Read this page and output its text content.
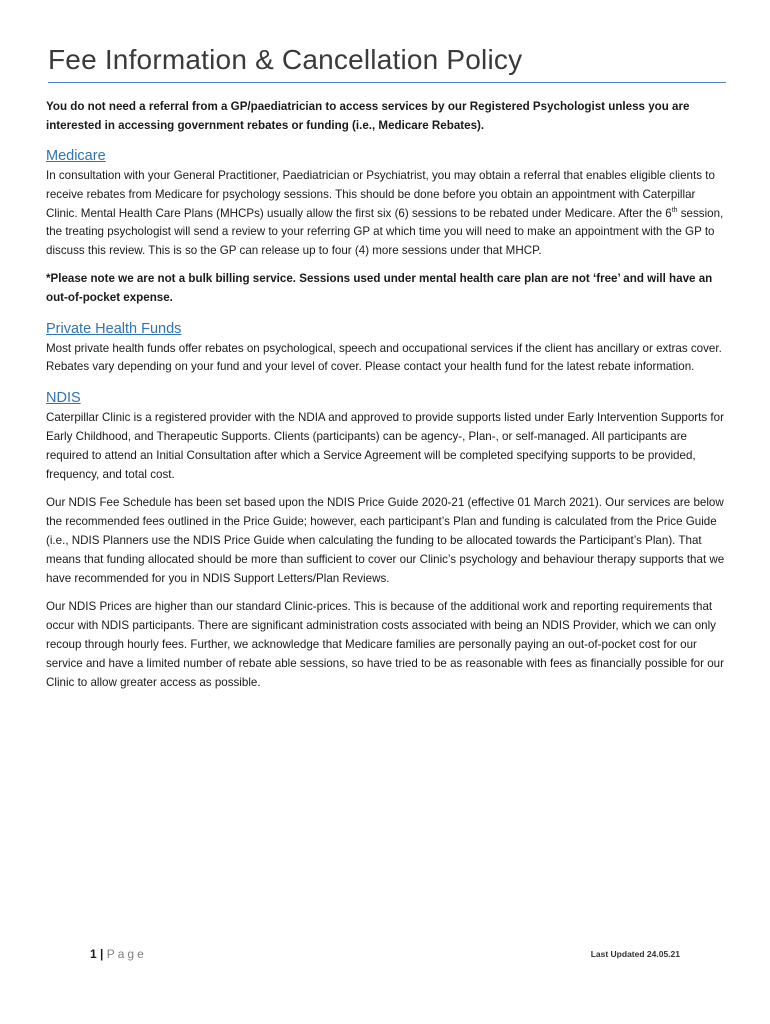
Fee Information & Cancellation Policy

You do not need a referral from a GP/paediatrician to access services by our Registered Psychologist unless you are interested in accessing government rebates or funding (i.e., Medicare Rebates).

Medicare

In consultation with your General Practitioner, Paediatrician or Psychiatrist, you may obtain a referral that enables eligible clients to receive rebates from Medicare for psychology sessions. This should be done before you obtain an appointment with Caterpillar Clinic. Mental Health Care Plans (MHCPs) usually allow the first six (6) sessions to be rebated under Medicare. After the 6th session, the treating psychologist will send a review to your referring GP at which time you will need to make an appointment with the GP to discuss this review. This is so the GP can release up to four (4) more sessions under that MHCP.

*Please note we are not a bulk billing service. Sessions used under mental health care plan are not ‘free’ and will have an out-of-pocket expense.

Private Health Funds

Most private health funds offer rebates on psychological, speech and occupational services if the client has ancillary or extras cover. Rebates vary depending on your fund and your level of cover. Please contact your health fund for the latest rebate information.

NDIS

Caterpillar Clinic is a registered provider with the NDIA and approved to provide supports listed under Early Intervention Supports for Early Childhood, and Therapeutic Supports. Clients (participants) can be agency-, Plan-, or self-managed. All participants are required to attend an Initial Consultation after which a Service Agreement will be completed specifying supports to be provided, frequency, and total cost.

Our NDIS Fee Schedule has been set based upon the NDIS Price Guide 2020-21 (effective 01 March 2021). Our services are below the recommended fees outlined in the Price Guide; however, each participant’s Plan and funding is calculated from the Price Guide (i.e., NDIS Planners use the NDIS Price Guide when calculating the funding to be allocated towards the Participant’s Plan). That means that funding allocated should be more than sufficient to cover our Clinic’s psychology and behaviour therapy supports that we have recommended for you in NDIS Support Letters/Plan Reviews.

Our NDIS Prices are higher than our standard Clinic-prices. This is because of the additional work and reporting requirements that occur with NDIS participants. There are significant administration costs associated with being an NDIS Provider, which we can only recoup through hourly fees. Further, we acknowledge that Medicare families are personally paying an out-of-pocket cost for our service and have a limited number of rebate able sessions, so have tried to be as reasonable with fees as financially possible for our Clinic to allow greater access as possible.

1 | Page	Last Updated 24.05.21
